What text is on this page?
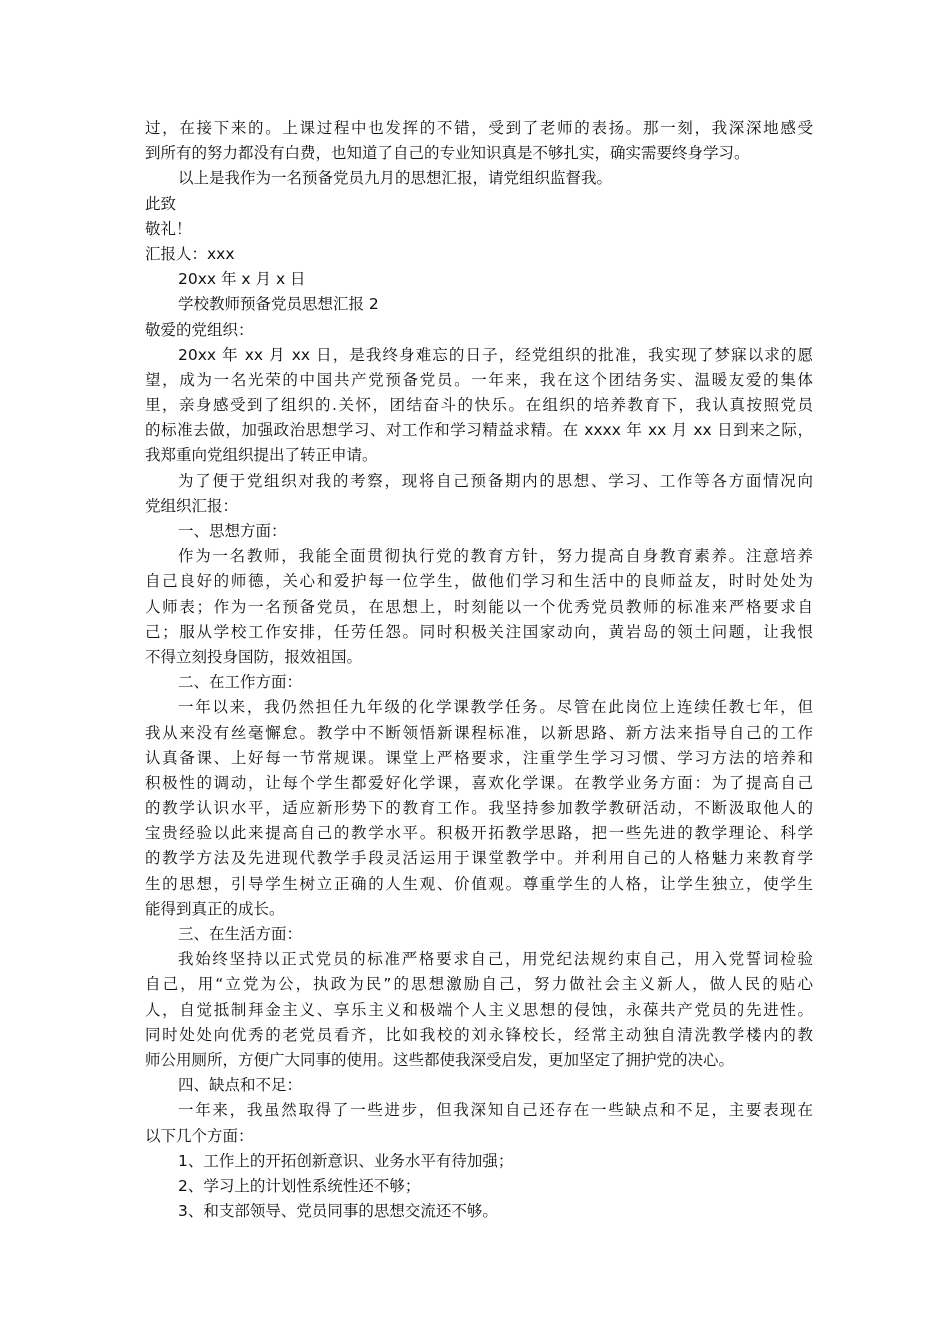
过，在接下来的。上课过程中也发挥的不错，受到了老师的表扬。那一刻，我深深地感受
到所有的努力都没有白费，也知道了自己的专业知识真是不够扎实，确实需要终身学习。
以上是我作为一名预备党员九月的思想汇报，请党组织监督我。
此致
敬礼！
汇报人：xxx
20xx 年 x 月 x 日
学校教师预备党员思想汇报 2
敬爱的党组织：
20xx 年 xx 月 xx 日，是我终身难忘的日子，经党组织的批准，我实现了梦寐以求的愿
望，成为一名光荣的中国共产党预备党员。一年来，我在这个团结务实、温暖友爱的集体
里，亲身感受到了组织的.关怀，团结奋斗的快乐。在组织的培养教育下，我认真按照党员
的标准去做，加强政治思想学习、对工作和学习精益求精。在 xxxx 年 xx 月 xx 日到来之际，
我郑重向党组织提出了转正申请。
为了便于党组织对我的考察，现将自己预备期内的思想、学习、工作等各方面情况向
党组织汇报：
一、思想方面：
作为一名教师，我能全面贯彻执行党的教育方针，努力提高自身教育素养。注意培养
自己良好的师德，关心和爱护每一位学生，做他们学习和生活中的良师益友，时时处处为
人师表；作为一名预备党员，在思想上，时刻能以一个优秀党员教师的标准来严格要求自
己；服从学校工作安排，任劳任怨。同时积极关注国家动向，黄岩岛的领土问题，让我恨
不得立刻投身国防，报效祖国。
二、在工作方面：
一年以来，我仍然担任九年级的化学课教学任务。尽管在此岗位上连续任教七年，但
我从来没有丝毫懈怠。教学中不断领悟新课程标准，以新思路、新方法来指导自己的工作
认真备课、上好每一节常规课。课堂上严格要求，注重学生学习习惯、学习方法的培养和
积极性的调动，让每个学生都爱好化学课，喜欢化学课。在教学业务方面：为了提高自己
的教学认识水平，适应新形势下的教育工作。我坚持参加教学教研活动，不断汲取他人的
宝贵经验以此来提高自己的教学水平。积极开拓教学思路，把一些先进的教学理论、科学
的教学方法及先进现代教学手段灵活运用于课堂教学中。并利用自己的人格魅力来教育学
生的思想，引导学生树立正确的人生观、价值观。尊重学生的人格，让学生独立，使学生
能得到真正的成长。
三、在生活方面：
我始终坚持以正式党员的标准严格要求自己，用党纪法规约束自己，用入党誓词检验
自己，用“立党为公，执政为民”的思想激励自己，努力做社会主义新人，做人民的贴心
人，自觉抵制拜金主义、享乐主义和极端个人主义思想的侵蚀，永葆共产党员的先进性。
同时处处向优秀的老党员看齐，比如我校的刘永锋校长，经常主动独自清洗教学楼内的教
师公用厕所，方便广大同事的使用。这些都使我深受启发，更加坚定了拥护党的决心。
四、缺点和不足：
一年来，我虽然取得了一些进步，但我深知自己还存在一些缺点和不足，主要表现在
以下几个方面：
1、工作上的开拓创新意识、业务水平有待加强；
2、学习上的计划性系统性还不够；
3、和支部领导、党员同事的思想交流还不够。
